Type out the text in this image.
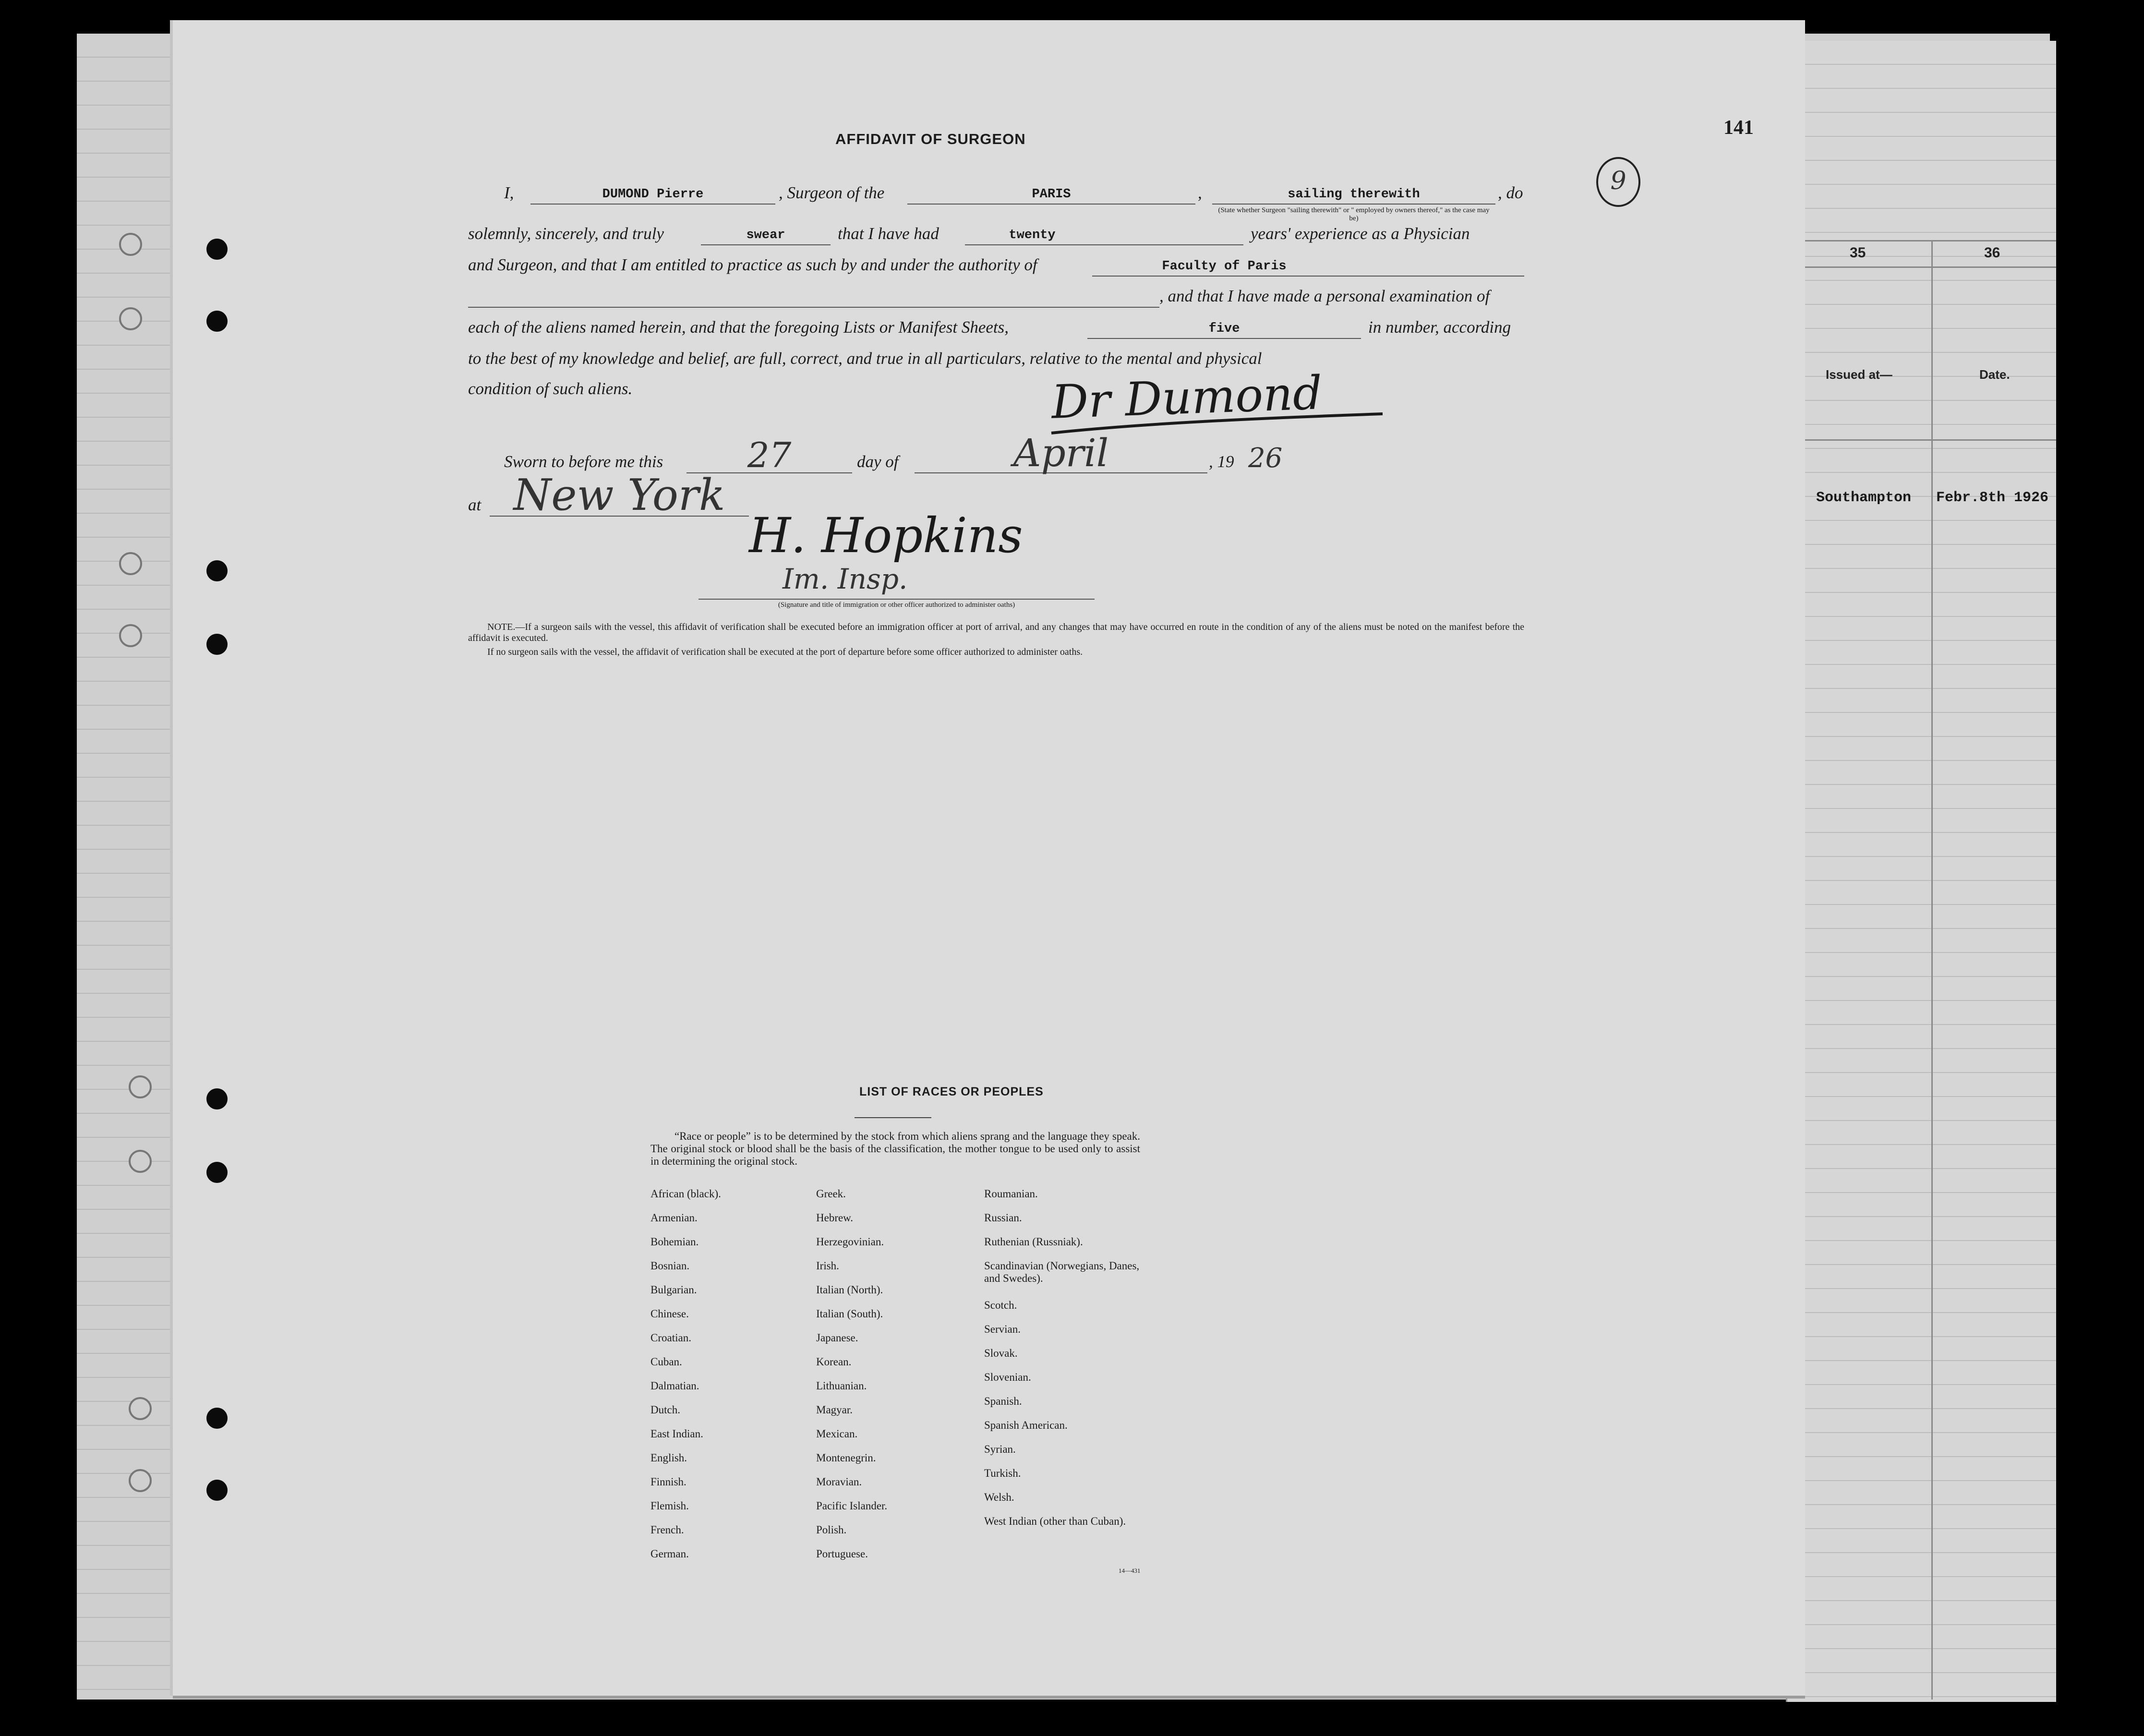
35	36
Issued at—	Date.
Southampton Febr.8th 1926
141
9
AFFIDAVIT OF SURGEON
I,	DUMOND Pierre	, Surgeon of the	PARIS	,	sailing therewith	, do
(State whether Surgeon "sailing therewith" or " employed by owners thereof," as the case may be)
solemnly, sincerely, and truly	swear	that I have had	twenty	years' experience as a Physician
and Surgeon, and that I am entitled to practice as such by and under the authority of	Faculty of Paris
, and that I have made a personal examination of
each of the aliens named herein, and that the foregoing Lists or Manifest Sheets,	five	in number, according
to the best of my knowledge and belief, are full, correct, and true in all particulars, relative to the mental and physical
condition of such aliens.	Dr Dumond
Sworn to before me this	27	day of	April	, 19 26
at New York
H. Hopkins
Im. Insp.
(Signature and title of immigration or other officer authorized to administer oaths)
NOTE.—If a surgeon sails with the vessel, this affidavit of verification shall be executed before an immigration officer at port of arrival, and any changes that may have occurred en route in the condition of any of the aliens must be noted on the manifest before the affidavit is executed.
If no surgeon sails with the vessel, the affidavit of verification shall be executed at the port of departure before some officer authorized to administer oaths.
LIST OF RACES OR PEOPLES
“Race or people” is to be determined by the stock from which aliens sprang and the language they speak. The original stock or blood shall be the basis of the classification, the mother tongue to be used only to assist in determining the original stock.
African (black).
Armenian.
Bohemian.
Bosnian.
Bulgarian.
Chinese.
Croatian.
Cuban.
Dalmatian.
Dutch.
East Indian.
English.
Finnish.
Flemish.
French.
German.
Greek.
Hebrew.
Herzegovinian.
Irish.
Italian (North).
Italian (South).
Japanese.
Korean.
Lithuanian.
Magyar.
Mexican.
Montenegrin.
Moravian.
Pacific Islander.
Polish.
Portuguese.
Roumanian.
Russian.
Ruthenian (Russniak).
Scandinavian (Norwegians, Danes, and Swedes).
Scotch.
Servian.
Slovak.
Slovenian.
Spanish.
Spanish American.
Syrian.
Turkish.
Welsh.
West Indian (other than Cuban).
14—431
